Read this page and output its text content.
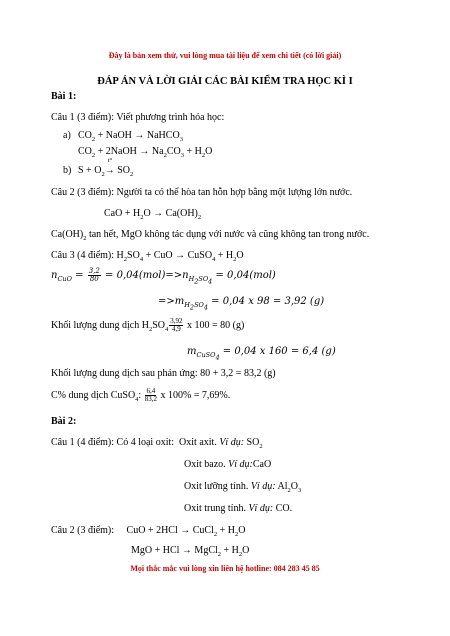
Đây là bản xem thử, vui lòng mua tài liệu để xem chi tiết (có lời giải)
ĐÁP ÁN VÀ LỜI GIẢI CÁC BÀI KIỂM TRA HỌC KÌ I
Bài 1:
Câu 1 (3 điểm): Viết phương trình hóa học:
a) $CO_2$ + NaOH → NaHCO$_3$
$CO_2$ + 2NaOH → $Na_2CO_3 + H_2O$
b) $S + O_2$
t°
→ $SO_2$
Câu 2 (3 điểm): Người ta có thể hòa tan hỗn hợp bằng một lượng lớn nước.
CaO + $H_2O \to Ca(OH)_2$
$Ca(OH)_2$ tan hết, MgO không tác dụng với nước và cũng không tan trong nước.
Câu 3 (4 điểm): $H_2SO_4$ + CuO → CuSO$_4$ + $H_2O$
$n_{CuO} = \frac{3,2}{80} = 0,04(mol)=>n_{H_2SO_4} = 0,04(mol)$
$=>m_{H_2SO_4} = 0,04$ x 98 = 3,92 (g)
Khối lượng dung dịch $H_2SO_4 \frac{3,92}{4,9}$ x 100 = 80 (g)
$m_{CuSO_4} = 0,04$ x 160 = 6,4 (g)
Khối lượng dung dịch sau phản ứng: 80 + 3,2 = 83,2 (g)
C% dung dịch CuSO$_4$: $\frac{6,4}{83,2}$ x 100% = 7,69%.
Bài 2:
Câu 1 (4 điểm): Có 4 loại oxit:  Oxit axit. Ví dụ: $SO_2$
Oxit bazo. Ví dụ:CaO
Oxit lưỡng tính. Ví dụ: $Al_2O_3$
Oxit trung tính. Ví dụ: CO.
Câu 2 (3 điểm):     CuO + 2HCl → CuCl$_2$ + $H_2O$
MgO + HCl → MgCl$_2$ + $H_2O$
Mọi thắc mắc vui lòng xin liên hệ hotline: 084 283 45 85
